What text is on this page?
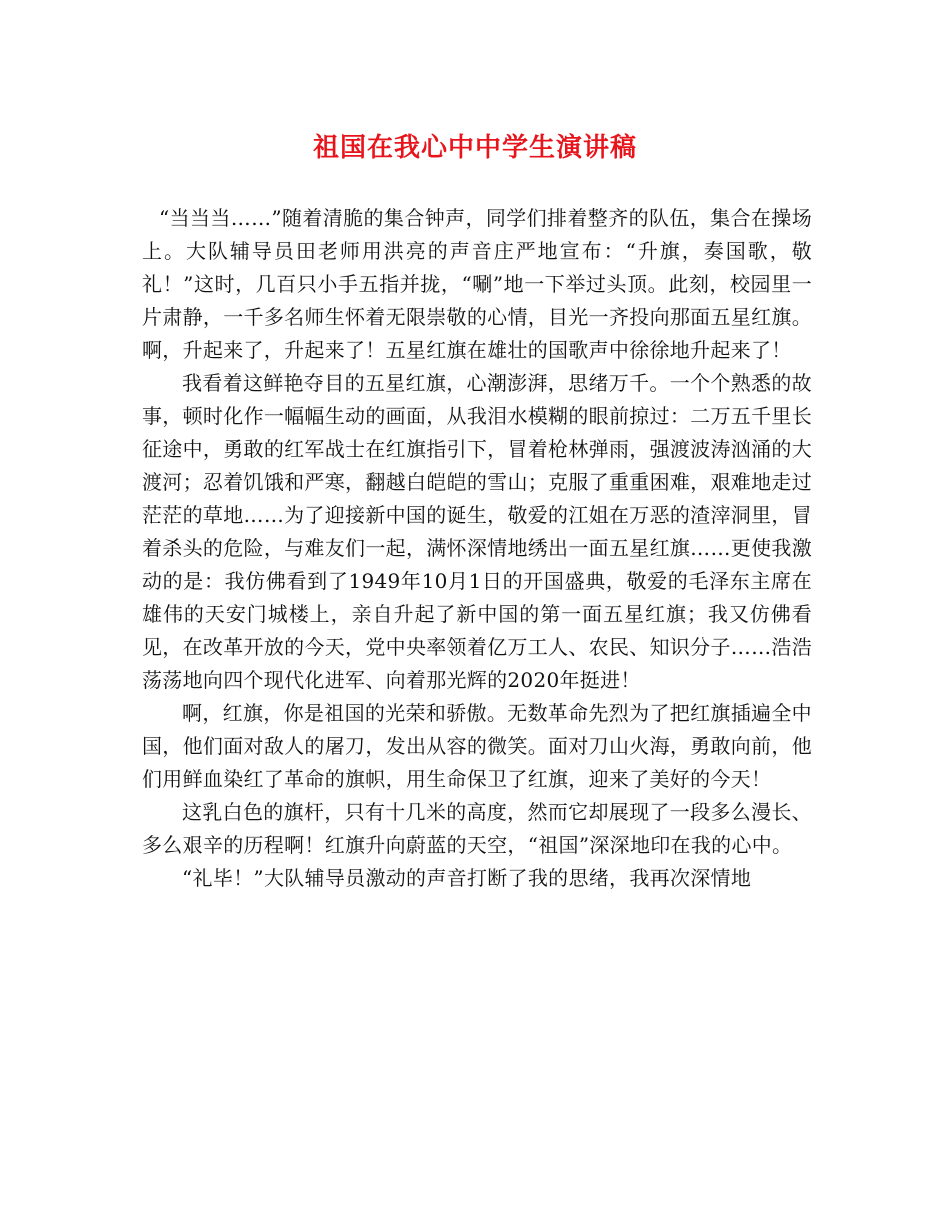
祖国在我心中中学生演讲稿

“当当当……”随着清脆的集合钟声，同学们排着整齐的队伍，集合在操场上。大队辅导员田老师用洪亮的声音庄严地宣布：“升旗，奏国歌，敬礼！”这时，几百只小手五指并拢，“唰”地一下举过头顶。此刻，校园里一片肃静，一千多名师生怀着无限崇敬的心情，目光一齐投向那面五星红旗。啊，升起来了，升起来了！五星红旗在雄壮的国歌声中徐徐地升起来了！

我看着这鲜艳夺目的五星红旗，心潮澎湃，思绪万千。一个个熟悉的故事，顿时化作一幅幅生动的画面，从我泪水模糊的眼前掠过：二万五千里长征途中，勇敢的红军战士在红旗指引下，冒着枪林弹雨，强渡波涛汹涌的大渡河；忍着饥饿和严寒，翻越白皑皑的雪山；克服了重重困难，艰难地走过茫茫的草地……为了迎接新中国的诞生，敬爱的江姐在万恶的渣滓洞里，冒着杀头的危险，与难友们一起，满怀深情地绣出一面五星红旗……更使我激动的是：我仿佛看到了1949年10月1日的开国盛典，敬爱的毛泽东主席在雄伟的天安门城楼上，亲自升起了新中国的第一面五星红旗；我又仿佛看见，在改革开放的今天，党中央率领着亿万工人、农民、知识分子……浩浩荡荡地向四个现代化进军、向着那光辉的2020年挺进！

啊，红旗，你是祖国的光荣和骄傲。无数革命先烈为了把红旗插遍全中国，他们面对敌人的屠刀，发出从容的微笑。面对刀山火海，勇敢向前，他们用鲜血染红了革命的旗帜，用生命保卫了红旗，迎来了美好的今天！

这乳白色的旗杆，只有十几米的高度，然而它却展现了一段多么漫长、多么艰辛的历程啊！红旗升向蔚蓝的天空，“祖国”深深地印在我的心中。

“礼毕！”大队辅导员激动的声音打断了我的思绪，我再次深情地
